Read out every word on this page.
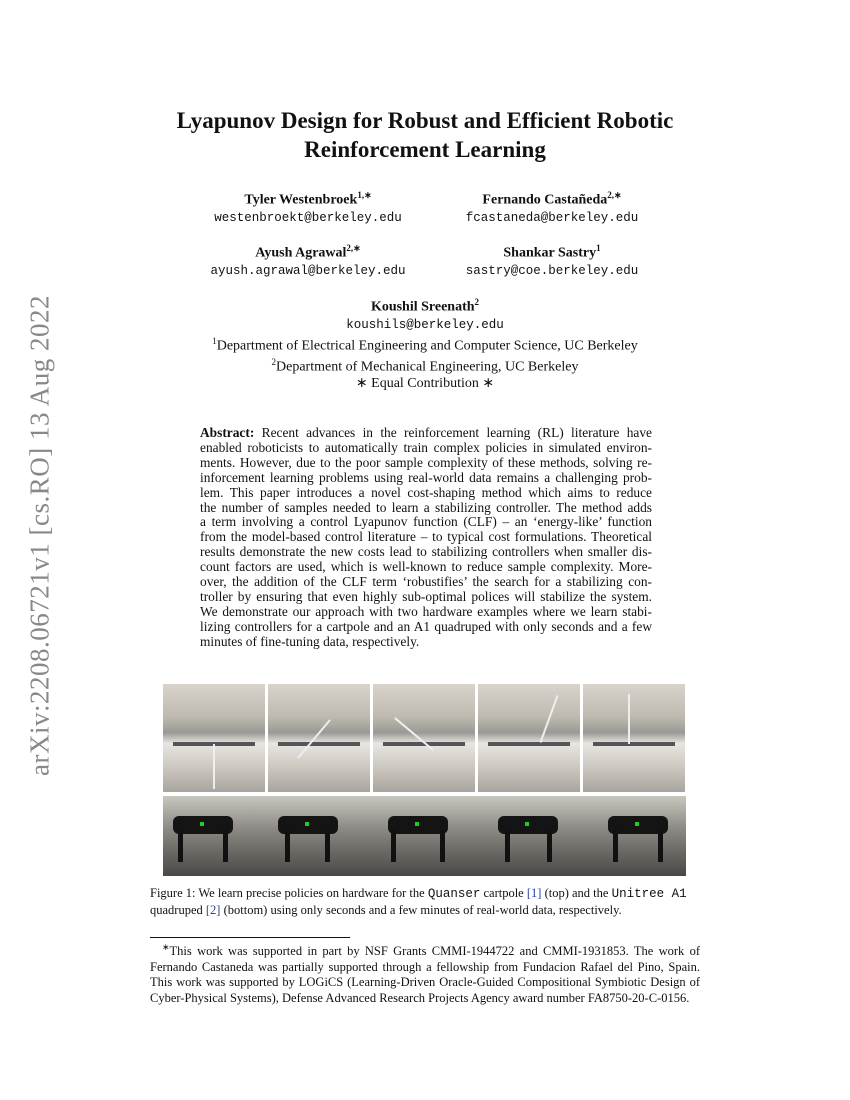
arXiv:2208.06721v1 [cs.RO] 13 Aug 2022
Lyapunov Design for Robust and Efficient Robotic
Reinforcement Learning
Tyler Westenbroek$^{1,∗}$
westenbroekt@berkeley.edu
Fernando Castañeda$^{2,∗}$
fcastaneda@berkeley.edu
Ayush Agrawal$^{2,∗}$
ayush.agrawal@berkeley.edu
Shankar Sastry$^1$
sastry@coe.berkeley.edu
Koushil Sreenath$^2$
koushils@berkeley.edu
$^1$Department of Electrical Engineering and Computer Science, UC Berkeley
$^2$Department of Mechanical Engineering, UC Berkeley
∗ Equal Contribution ∗
Abstract: Recent advances in the reinforcement learning (RL) literature have
enabled roboticists to automatically train complex policies in simulated environ-
ments. However, due to the poor sample complexity of these methods, solving re-
inforcement learning problems using real-world data remains a challenging prob-
lem. This paper introduces a novel cost-shaping method which aims to reduce
the number of samples needed to learn a stabilizing controller. The method adds
a term involving a control Lyapunov function (CLF) – an ‘energy-like’ function
from the model-based control literature – to typical cost formulations. Theoretical
results demonstrate the new costs lead to stabilizing controllers when smaller dis-
count factors are used, which is well-known to reduce sample complexity. More-
over, the addition of the CLF term ‘robustifies’ the search for a stabilizing con-
troller by ensuring that even highly sub-optimal polices will stabilize the system.
We demonstrate our approach with two hardware examples where we learn stabi-
lizing controllers for a cartpole and an A1 quadruped with only seconds and a few
minutes of fine-tuning data, respectively.
Figure 1: We learn precise policies on hardware for the Quanser cartpole [1] (top) and the Unitree A1 quadruped [2] (bottom) using only seconds and a few minutes of real-world data, respectively.
∗This work was supported in part by NSF Grants CMMI-1944722 and CMMI-1931853. The work of Fernando Castaneda was partially supported through a fellowship from Fundacion Rafael del Pino, Spain. This work was supported by LOGiCS (Learning-Driven Oracle-Guided Compositional Symbiotic Design of Cyber-Physical Systems), Defense Advanced Research Projects Agency award number FA8750-20-C-0156.
